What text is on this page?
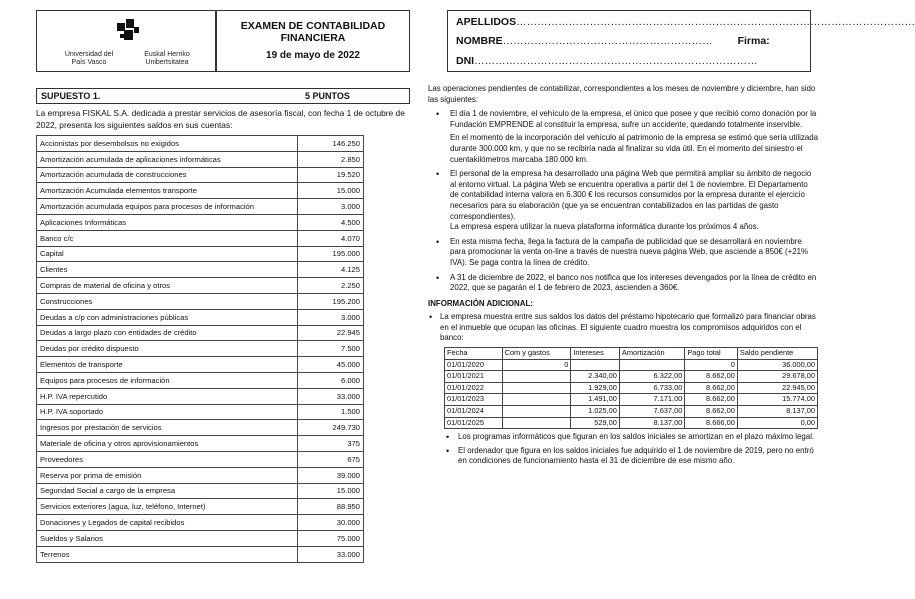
Universidad del País Vasco
Euskal Herriko Unibertsitatea
EXAMEN DE CONTABILIDAD FINANCIERA
19 de mayo de 2022
APELLIDOS……………………………………………………………………………………………………
NOMBRE…………………………………………………… Firma:
DNI………………………………………………………………………
SUPUESTO 1.	5 PUNTOS
La empresa FISKAL S.A. dedicada a prestar servicios de asesoría fiscal, con fecha 1 de octubre de 2022, presenta los siguientes saldos en sus cuentas:
Accionistas por desembolsos no exigidos	146.250
Amortización acumulada de aplicaciones informáticas	2.850
Amortización acumulada de construcciones	19.520
Amortización Acumulada elementos transporte	15.000
Amortización acumulada equipos para procesos de información	3.000
Aplicaciones Informáticas	4.500
Banco c/c	4.070
Capital	195.000
Clientes	4.125
Compras de material de oficina y otros	2.250
Construcciones	195.200
Deudas a c/p con administraciones públicas	3.000
Deudas a largo plazo con entidades de crédito	22.945
Deudas por crédito dispuesto	7.500
Elementos de transporte	45.000
Equipos para procesos de información	6.000
H.P. IVA repercutido	33.000
H.P. IVA soportado	1.500
Ingresos por prestación de servicios	249.730
Materiale de oficina y otros aprovisionamientos	375
Proveedores	675
Reserva por prima de emisión	39.000
Seguridad Social a cargo de la empresa	15.000
Servicios exteriores (agua, luz, teléfono, Internet)	88.950
Donaciones y Legados de capital recibidos	30.000
Sueldos y Salarios	75.000
Terrenos	33.000

Las operaciones pendientes de contabilizar, correspondientes a los meses de noviembre y diciembre, han sido las siguientes:

• El día 1 de noviembre, el vehículo de la empresa, el único que posee y que recibió como donación por la Fundación EMPRENDE al constituir la empresa, sufre un accidente, quedando totalmente inservible.
En el momento de la incorporación del vehículo al patrimonio de la empresa se estimó que sería utilizada durante 300.000 km, y que no se recibiría nada al finalizar su vida útil. En el momento del siniestro el cuentakilómetros marcaba 180.000 km.
• El personal de la empresa ha desarrollado una página Web que permitirá ampliar su ámbito de negocio al entorno virtual. La página Web se encuentra operativa a partir del 1 de noviembre. El Departamento de contabilidad interna valora en 6.300 € los recursos consumidos por la empresa durante el ejercicio necesarios para su elaboración (que ya se encuentran contabilizados en las partidas de gasto correspondientes).
La empresa espera utilizar la nueva plataforma informática durante los próximos 4 años.
• En esta misma fecha, llega la factura de la campaña de publicidad que se desarrollará en noviembre para promocionar la venta on-line a través de nuestra nueva página Web, que asciende a 850€ (+21% IVA). Se paga contra la línea de crédito.
• A 31 de diciembre de 2022, el banco nos notifica que los intereses devengados por la línea de crédito en 2022, que se pagarán el 1 de febrero de 2023, ascienden a 360€.
INFORMACIÓN ADICIONAL:
• La empresa muestra entre sus saldos los datos del préstamo hipotecario que formalizó para financiar obras en el inmueble que ocupan las oficinas. El siguiente cuadro muestra los compromisos adquiridos con el banco:
Fecha	Com y gastos	Intereses	Amortización	Pago total	Saldo pendiente
01/01/2020	0			0	36.000,00
01/01/2021		2.340,00	6.322,00	8.662,00	29.678,00
01/01/2022		1.929,00	6.733,00	8.662,00	22.945,00
01/01/2023		1.491,00	7.171,00	8.662,00	15.774,00
01/01/2024		1.025,00	7.637,00	8.662,00	8.137,00
01/01/2025		529,00	8.137,00	8.666,00	0,00
• Los programas informáticos que figuran en los saldos iniciales se amortizan en el plazo máximo legal.
• El ordenador que figura en los saldos iniciales fue adquirido el 1 de noviembre de 2019, pero no entró en condiciones de funcionamiento hasta el 31 de diciembre de ese mismo año.
